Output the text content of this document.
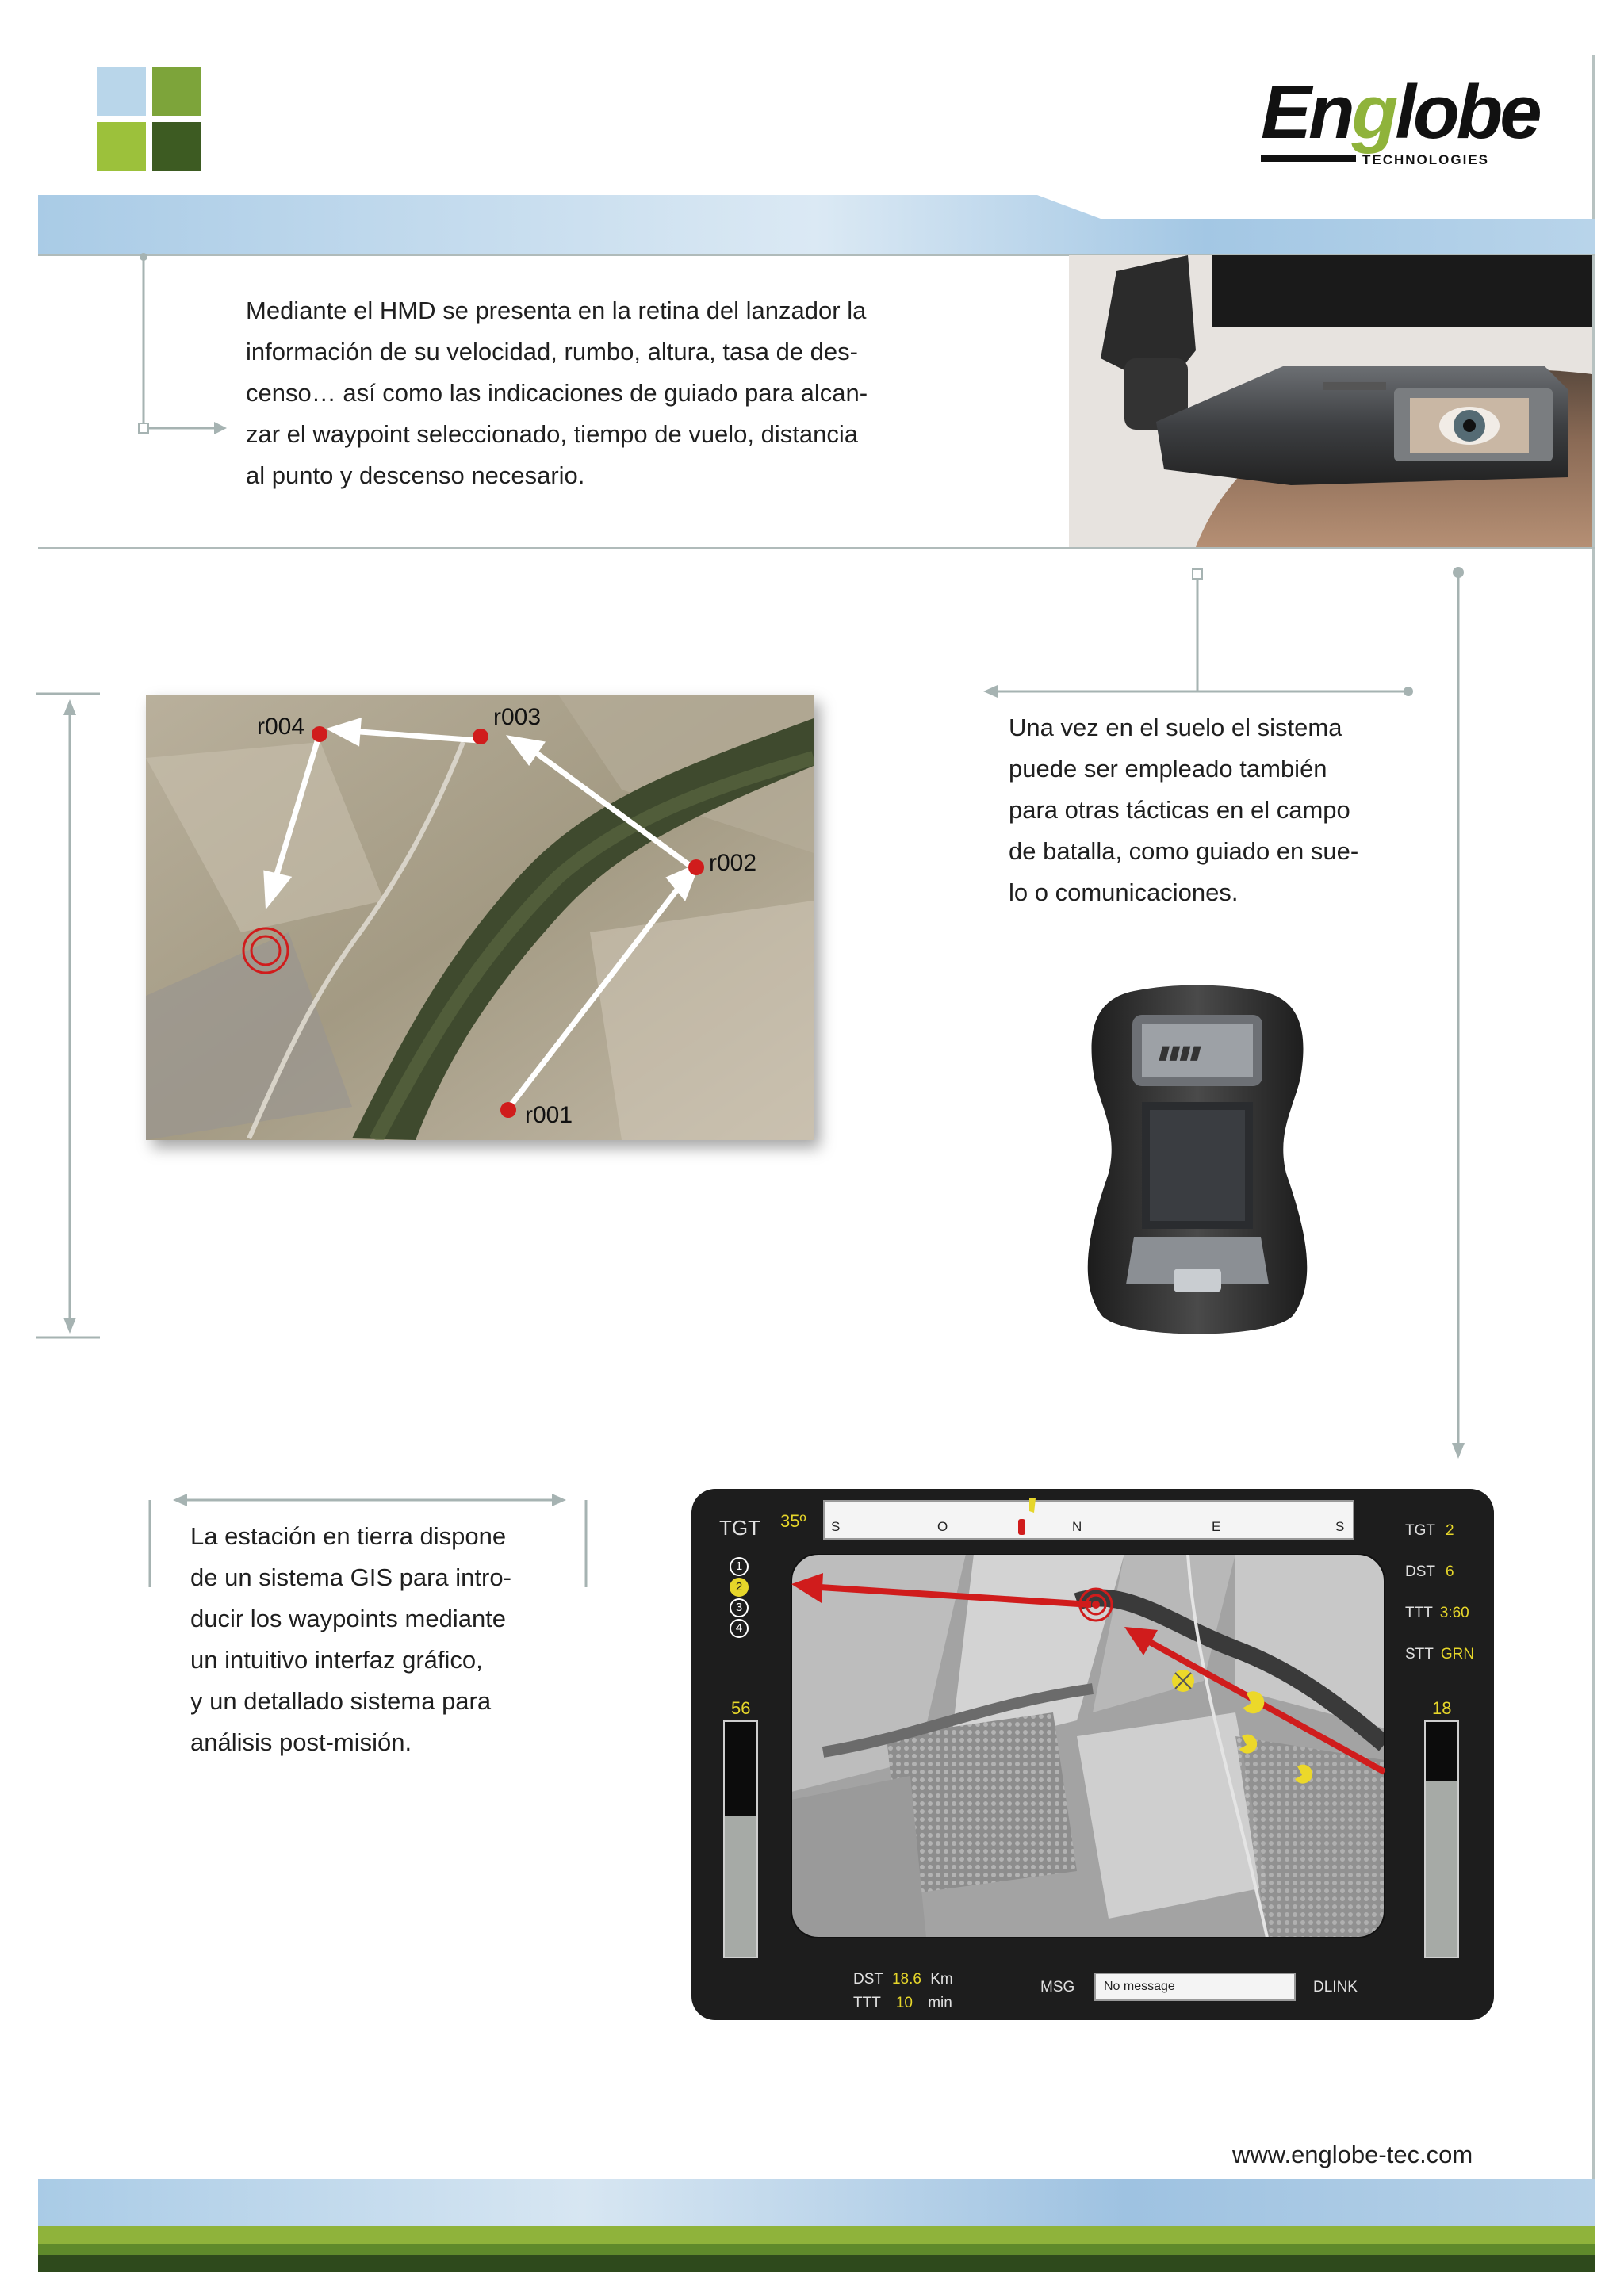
Englobe
TECHNOLOGIES
Mediante el HMD se presenta en la retina del lanzador la
información de su velocidad, rumbo, altura, tasa de des-
censo… así como las indicaciones de guiado para alcan-
zar el waypoint seleccionado, tiempo de vuelo, distancia
al punto y descenso necesario.
r001
r002
r003
r004	Una vez en el suelo el sistema
puede ser empleado también
para otras tácticas en el campo
de batalla, como guiado en sue-
lo o comunicaciones.
▮▮▮▮
La estación en tierra dispone
de un sistema GIS para intro-
ducir los waypoints mediante
un intuitivo interfaz gráfico,
y un detallado sistema para
análisis post-misión.
TGT 35º S	O	N	E	S
1
2
3
4
56	18
TGT 2
DST 6
TTT 3:60
STT GRN
DST 18.6 Km
TTT 10 min
MSG	No message	DLINK
www.englobe-tec.com
